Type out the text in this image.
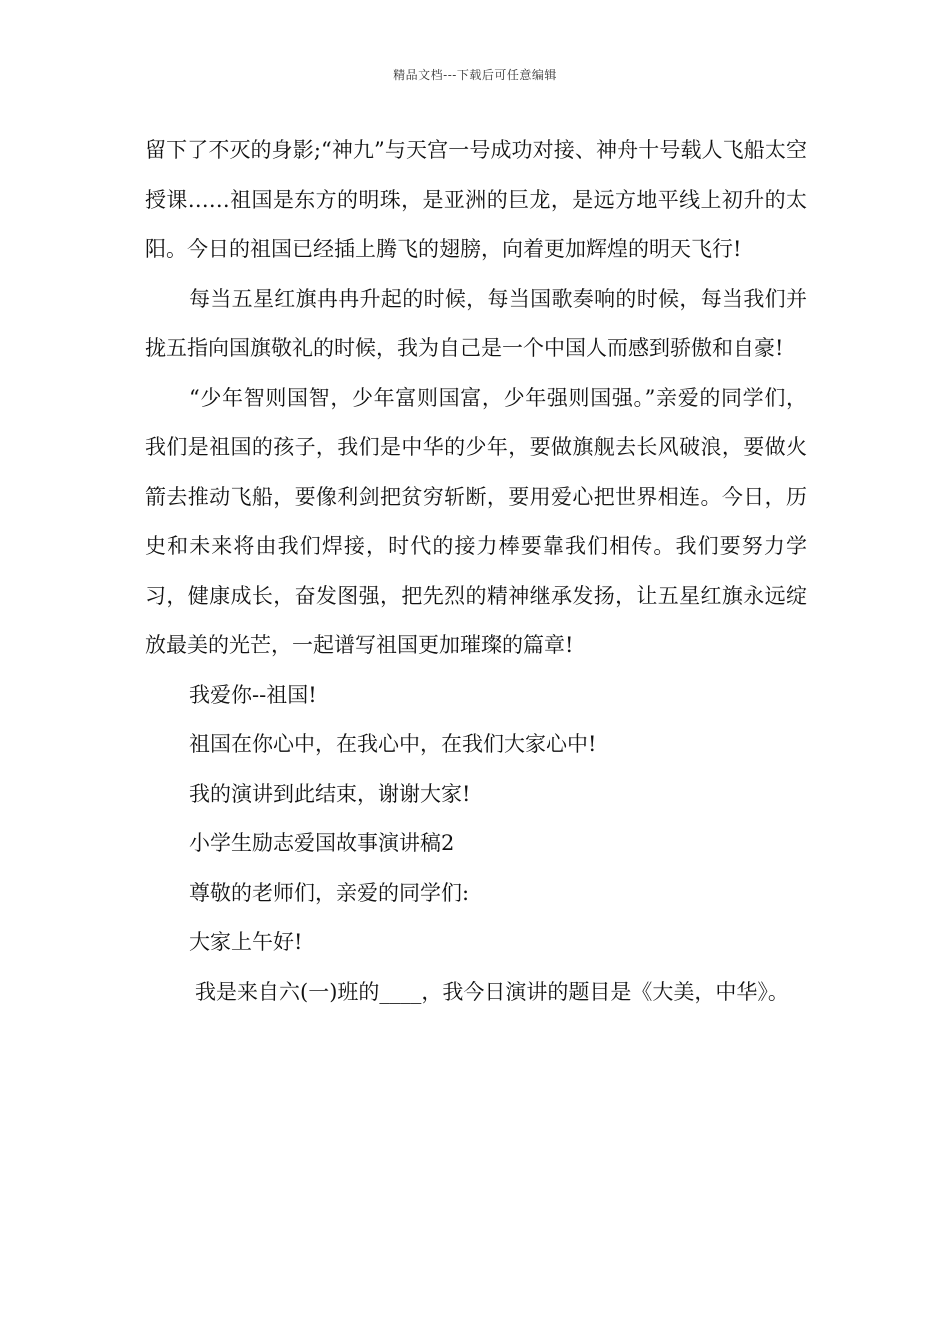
精品文档---下载后可任意编辑

留下了不灭的身影;“神九”与天宫一号成功对接、神舟十号载人飞船太空授课……祖国是东方的明珠，是亚洲的巨龙，是远方地平线上初升的太阳。今日的祖国已经插上腾飞的翅膀，向着更加辉煌的明天飞行!

每当五星红旗冉冉升起的时候，每当国歌奏响的时候，每当我们并拢五指向国旗敬礼的时候，我为自己是一个中国人而感到骄傲和自豪!

“少年智则国智，少年富则国富，少年强则国强。”亲爱的同学们，我们是祖国的孩子，我们是中华的少年，要做旗舰去长风破浪，要做火箭去推动飞船，要像利剑把贫穷斩断，要用爱心把世界相连。今日，历史和未来将由我们焊接，时代的接力棒要靠我们相传。我们要努力学习，健康成长，奋发图强，把先烈的精神继承发扬，让五星红旗永远绽放最美的光芒，一起谱写祖国更加璀璨的篇章!

我爱你--祖国!

祖国在你心中，在我心中，在我们大家心中!

我的演讲到此结束，谢谢大家!

小学生励志爱国故事演讲稿2

尊敬的老师们，亲爱的同学们:

大家上午好!

我是来自六(一)班的____，我今日演讲的题目是《大美，中华》。
